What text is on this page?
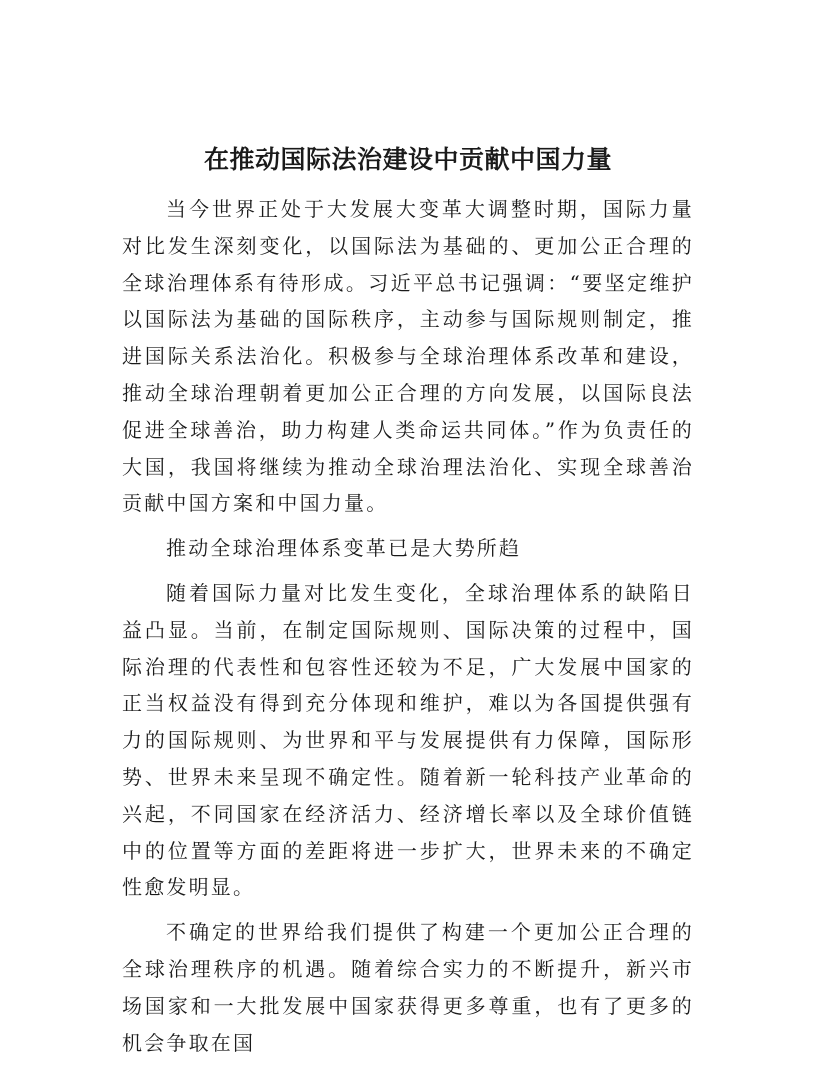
在推动国际法治建设中贡献中国力量

当今世界正处于大发展大变革大调整时期，国际力量对比发生深刻变化，以国际法为基础的、更加公正合理的全球治理体系有待形成。习近平总书记强调：“要坚定维护以国际法为基础的国际秩序，主动参与国际规则制定，推进国际关系法治化。积极参与全球治理体系改革和建设，推动全球治理朝着更加公正合理的方向发展，以国际良法促进全球善治，助力构建人类命运共同体。”作为负责任的大国，我国将继续为推动全球治理法治化、实现全球善治贡献中国方案和中国力量。

推动全球治理体系变革已是大势所趋

随着国际力量对比发生变化，全球治理体系的缺陷日益凸显。当前，在制定国际规则、国际决策的过程中，国际治理的代表性和包容性还较为不足，广大发展中国家的正当权益没有得到充分体现和维护，难以为各国提供强有力的国际规则、为世界和平与发展提供有力保障，国际形势、世界未来呈现不确定性。随着新一轮科技产业革命的兴起，不同国家在经济活力、经济增长率以及全球价值链中的位置等方面的差距将进一步扩大，世界未来的不确定性愈发明显。

不确定的世界给我们提供了构建一个更加公正合理的全球治理秩序的机遇。随着综合实力的不断提升，新兴市场国家和一大批发展中国家获得更多尊重，也有了更多的机会争取在国
